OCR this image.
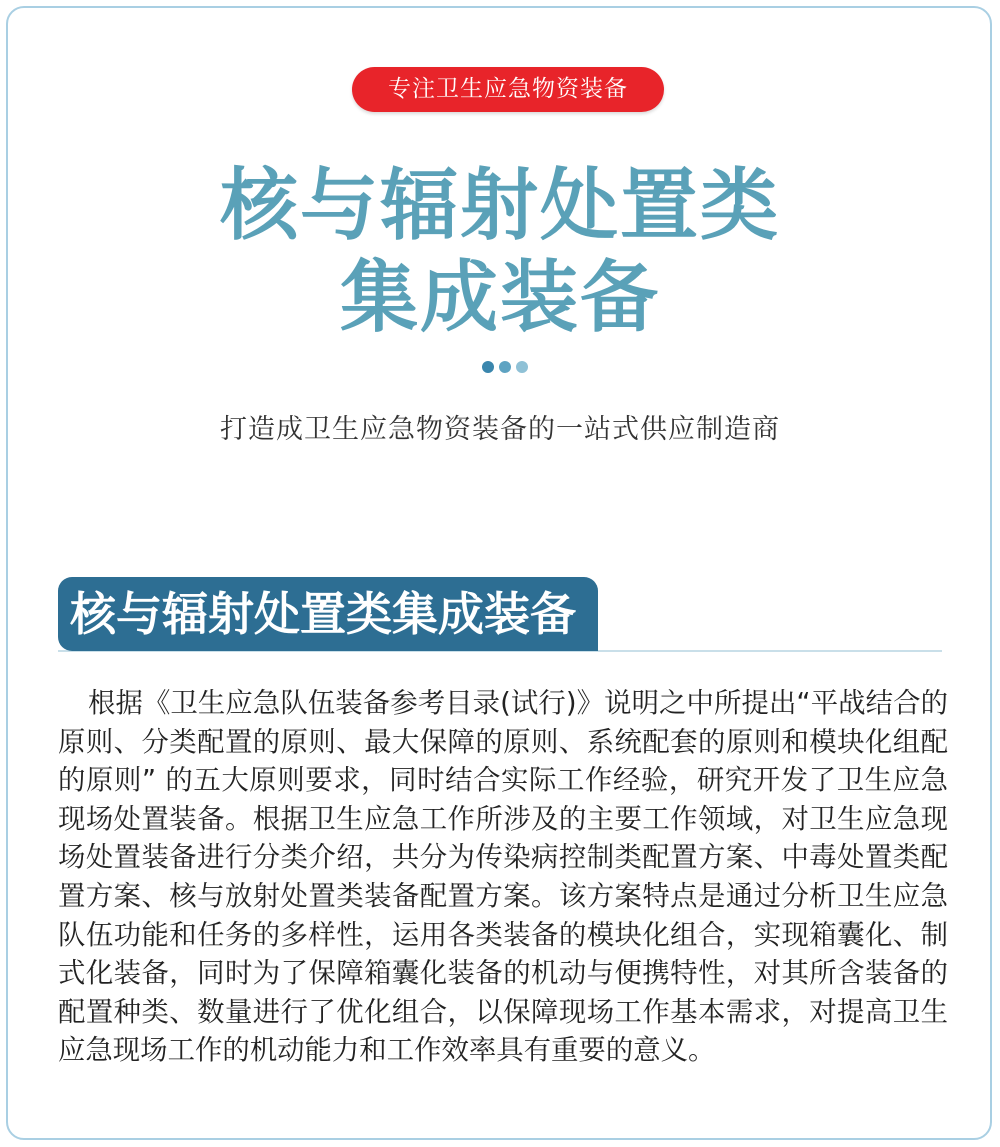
专注卫生应急物资装备
核与辐射处置类
集成装备
打造成卫生应急物资装备的一站式供应制造商
核与辐射处置类集成装备

根据《卫生应急队伍装备参考目录(试行)》说明之中所提出“平战结合的原则、分类配置的原则、最大保障的原则、系统配套的原则和模块化组配的原则” 的五大原则要求，同时结合实际工作经验，研究开发了卫生应急现场处置装备。根据卫生应急工作所涉及的主要工作领域，对卫生应急现场处置装备进行分类介绍，共分为传染病控制类配置方案、中毒处置类配置方案、核与放射处置类装备配置方案。该方案特点是通过分析卫生应急队伍功能和任务的多样性，运用各类装备的模块化组合，实现箱囊化、制式化装备，同时为了保障箱囊化装备的机动与便携特性，对其所含装备的配置种类、数量进行了优化组合，以保障现场工作基本需求，对提高卫生应急现场工作的机动能力和工作效率具有重要的意义。
